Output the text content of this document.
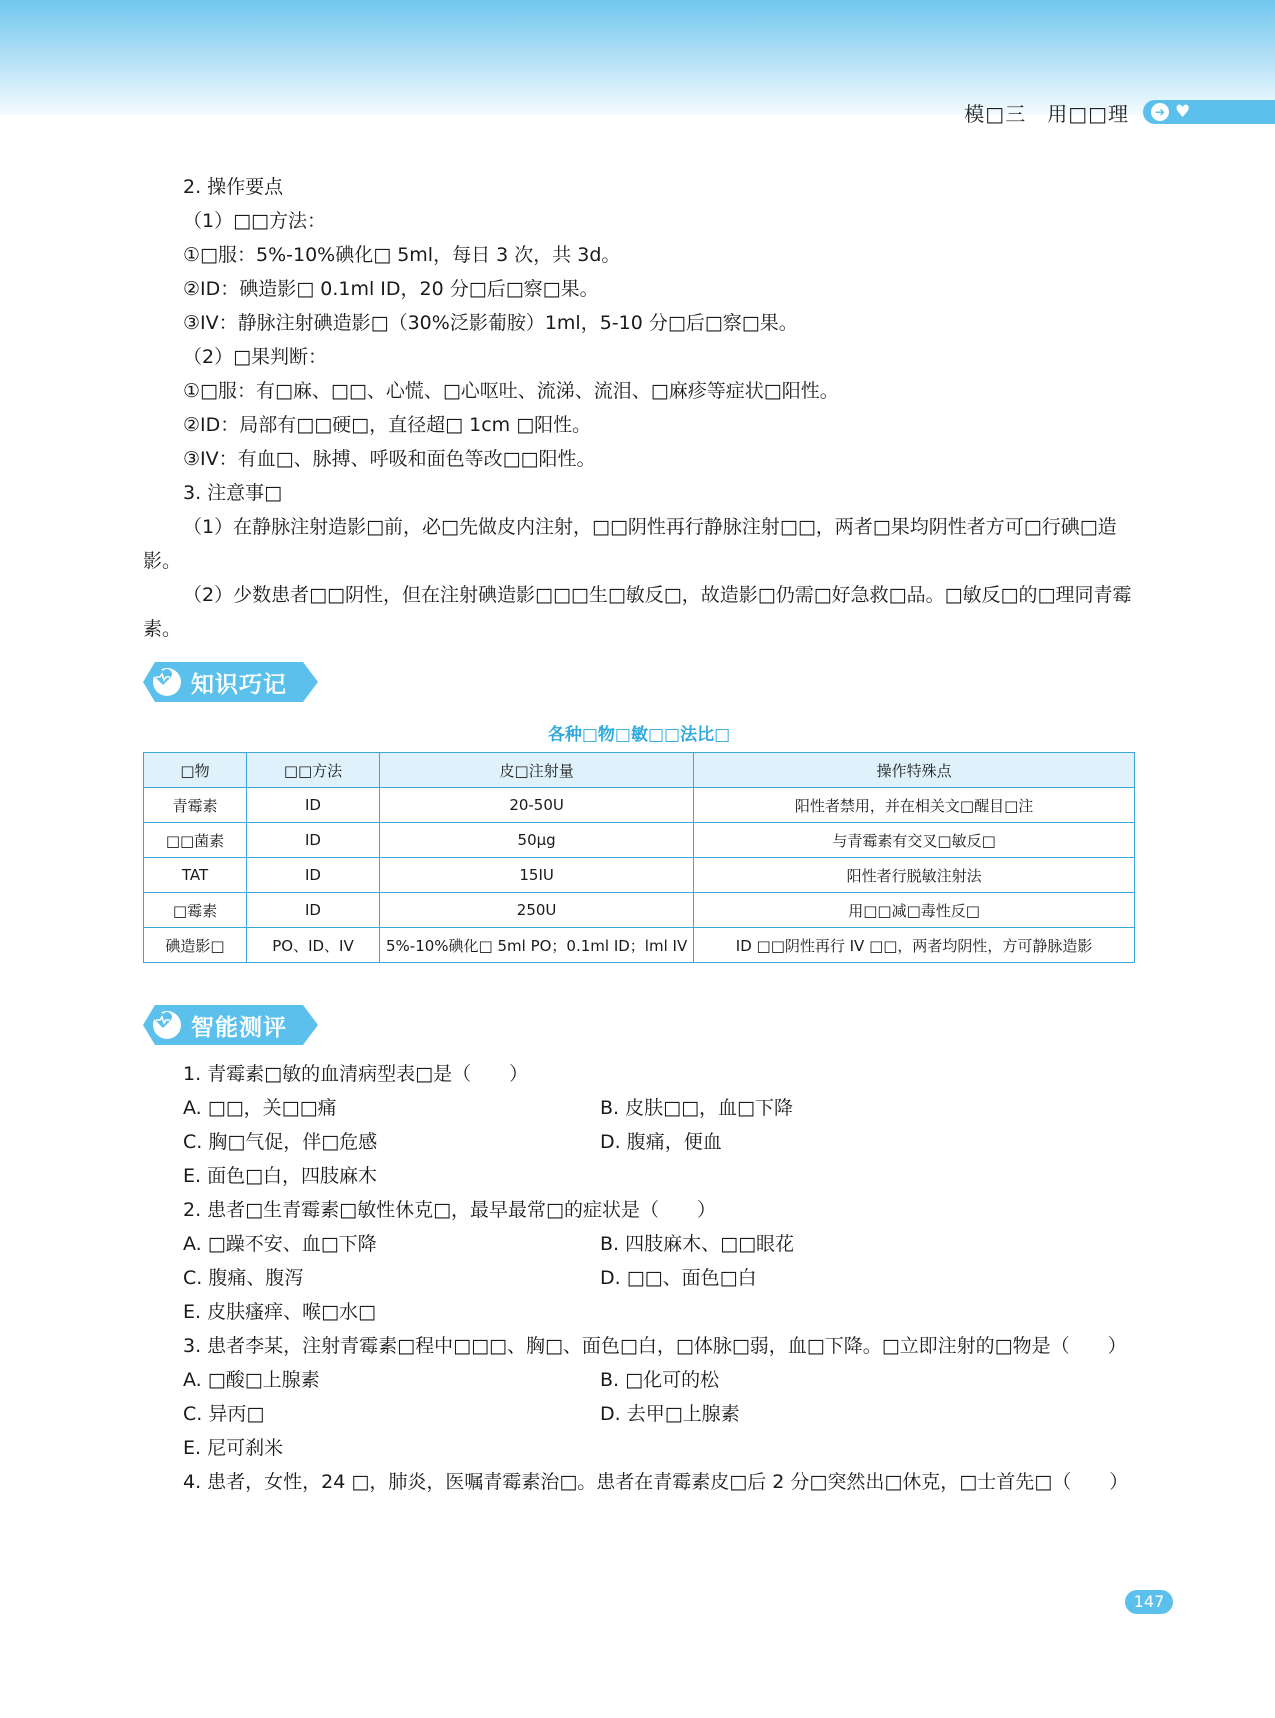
模□三　用□□理	➜ ♥

2. 操作要点

（1）□□方法：

①□服：5%-10%碘化□ 5ml，每日 3 次，共 3d。

②ID：碘造影□ 0.1ml ID，20 分□后□察□果。

③IV：静脉注射碘造影□（30%泛影葡胺）1ml，5-10 分□后□察□果。

（2）□果判断：

①□服：有□麻、□□、心慌、□心呕吐、流涕、流泪、□麻疹等症状□阳性。

②ID：局部有□□硬□，直径超□ 1cm □阳性。

③IV：有血□、脉搏、呼吸和面色等改□□阳性。

3. 注意事□

（1）在静脉注射造影□前，必□先做皮内注射，□□阴性再行静脉注射□□，两者□果均阴性者方可□行碘□造影。

（2）少数患者□□阴性，但在注射碘造影□□□生□敏反□，故造影□仍需□好急救□品。□敏反□的□理同青霉素。

知识巧记
各种□物□敏□□法比□
□物	□□方法	皮□注射量	操作特殊点
青霉素	ID	20-50U	阳性者禁用，并在相关文□醒目□注
□□菌素	ID	50μg	与青霉素有交叉□敏反□
TAT	ID	15IU	阳性者行脱敏注射法
□霉素	ID	250U	用□□减□毒性反□
碘造影□	PO、ID、IV	5%-10%碘化□ 5ml PO；0.1ml ID；lml IV	ID □□阴性再行 IV □□，两者均阴性，方可静脉造影
智能测评

1. 青霉素□敏的血清病型表□是（　　）

A. □□，关□□痛	B. 皮肤□□，血□下降
C. 胸□气促，伴□危感	D. 腹痛，便血
E. 面色□白，四肢麻木

2. 患者□生青霉素□敏性休克□，最早最常□的症状是（　　）

A. □躁不安、血□下降	B. 四肢麻木、□□眼花
C. 腹痛、腹泻	D. □□、面色□白
E. 皮肤瘙痒、喉□水□

3. 患者李某，注射青霉素□程中□□□、胸□、面色□白，□体脉□弱，血□下降。□立即注射的□物是（　　）

A. □酸□上腺素	B. □化可的松
C. 异丙□	D. 去甲□上腺素
E. 尼可刹米

4. 患者，女性，24 □，肺炎，医嘱青霉素治□。患者在青霉素皮□后 2 分□突然出□休克，□士首先□（　　）

147
